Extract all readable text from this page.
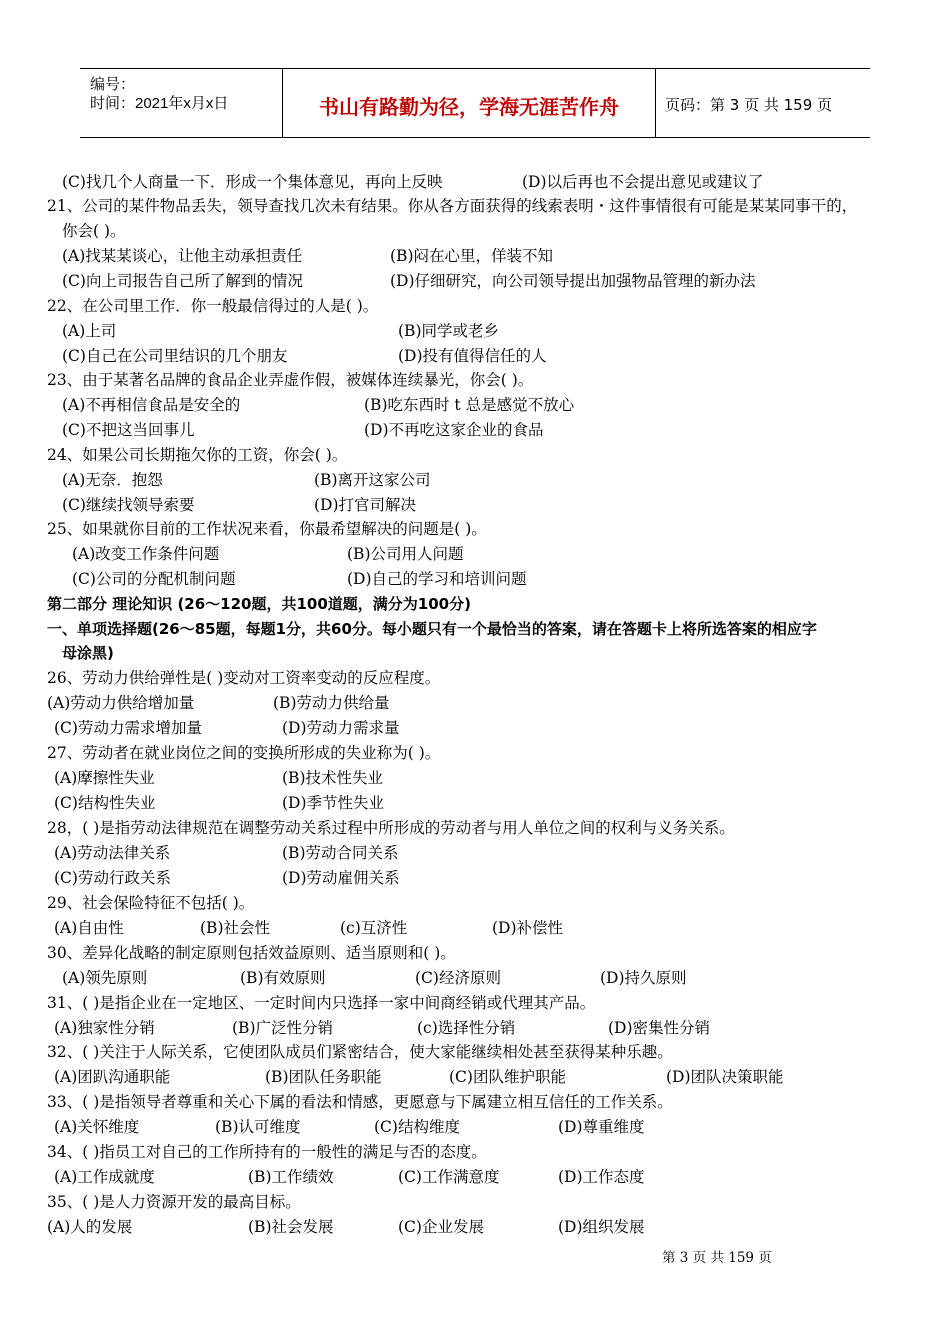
编号：
时间：2021年x月x日	书山有路勤为径，学海无涯苦作舟	页码：第 3 页 共 159 页
(C)找几个人商量一下．形成一个集体意见，再向上反映	(D)以后再也不会提出意见或建议了
21、公司的某件物品丢失，领导查找几次未有结果。你从各方面获得的线索表明・这件事情很有可能是某某同事干的，
你会( )。
(A)找某某谈心，让他主动承担责任	(B)闷在心里，佯装不知
(C)向上司报告自己所了解到的情况	(D)仔细研究，向公司领导提出加强物品管理的新办法
22、在公司里工作．你一般最信得过的人是( )。
(A)上司	(B)同学或老乡
(C)自己在公司里结识的几个朋友	(D)投有值得信任的人
23、由于某著名品牌的食品企业弄虚作假，被媒体连续暴光，你会( )。
(A)不再相信食品是安全的	(B)吃东西时 t 总是感觉不放心
(C)不把这当回事儿	(D)不再吃这家企业的食品
24、如果公司长期拖欠你的工资，你会( )。
(A)无奈．抱怨	(B)离开这家公司
(C)继续找领导索要	(D)打官司解决
25、如果就你目前的工作状况来看，你最希望解决的问题是( )。
(A)改变工作条件问题	(B)公司用人问题
(C)公司的分配机制问题	(D)自己的学习和培训问题
第二部分 理论知识 (26～120题，共100道题，满分为100分)
一、单项选择题(26～85题，每题1分，共60分。每小题只有一个最恰当的答案，请在答题卡上将所选答案的相应字
母涂黑)
26、劳动力供给弹性是( )变动对工资率变动的反应程度。
(A)劳动力供给增加量	(B)劳动力供给量
(C)劳动力需求增加量	(D)劳动力需求量
27、劳动者在就业岗位之间的变换所形成的失业称为( )。
(A)摩擦性失业	(B)技术性失业
(C)结构性失业	(D)季节性失业
28，( )是指劳动法律规范在调整劳动关系过程中所形成的劳动者与用人单位之间的权利与义务关系。
(A)劳动法律关系	(B)劳动合同关系
(C)劳动行政关系	(D)劳动雇佣关系
29、社会保险特征不包括( )。
(A)自由性	(B)社会性	(c)互济性	(D)补偿性
30、差异化战略的制定原则包括效益原则、适当原则和( )。
(A)领先原则	(B)有效原则	(C)经济原则	(D)持久原则
31、( )是指企业在一定地区、一定时间内只选择一家中间商经销或代理其产品。
(A)独家性分销	(B)广泛性分销	(c)选择性分销	(D)密集性分销
32、( )关注于人际关系，它使团队成员们紧密结合，使大家能继续相处甚至获得某种乐趣。
(A)团趴沟通职能	(B)团队任务职能	(C)团队维护职能	(D)团队决策职能
33、( )是指领导者尊重和关心下属的看法和情感，更愿意与下属建立相互信任的工作关系。
(A)关怀维度	(B)认可维度	(C)结构维度	(D)尊重维度
34、( )指员工对自己的工作所持有的一般性的满足与否的态度。
(A)工作成就度	(B)工作绩效	(C)工作满意度	(D)工作态度
35、( )是人力资源开发的最高目标。
(A)人的发展	(B)社会发展	(C)企业发展	(D)组织发展
第 3 页 共 159 页
